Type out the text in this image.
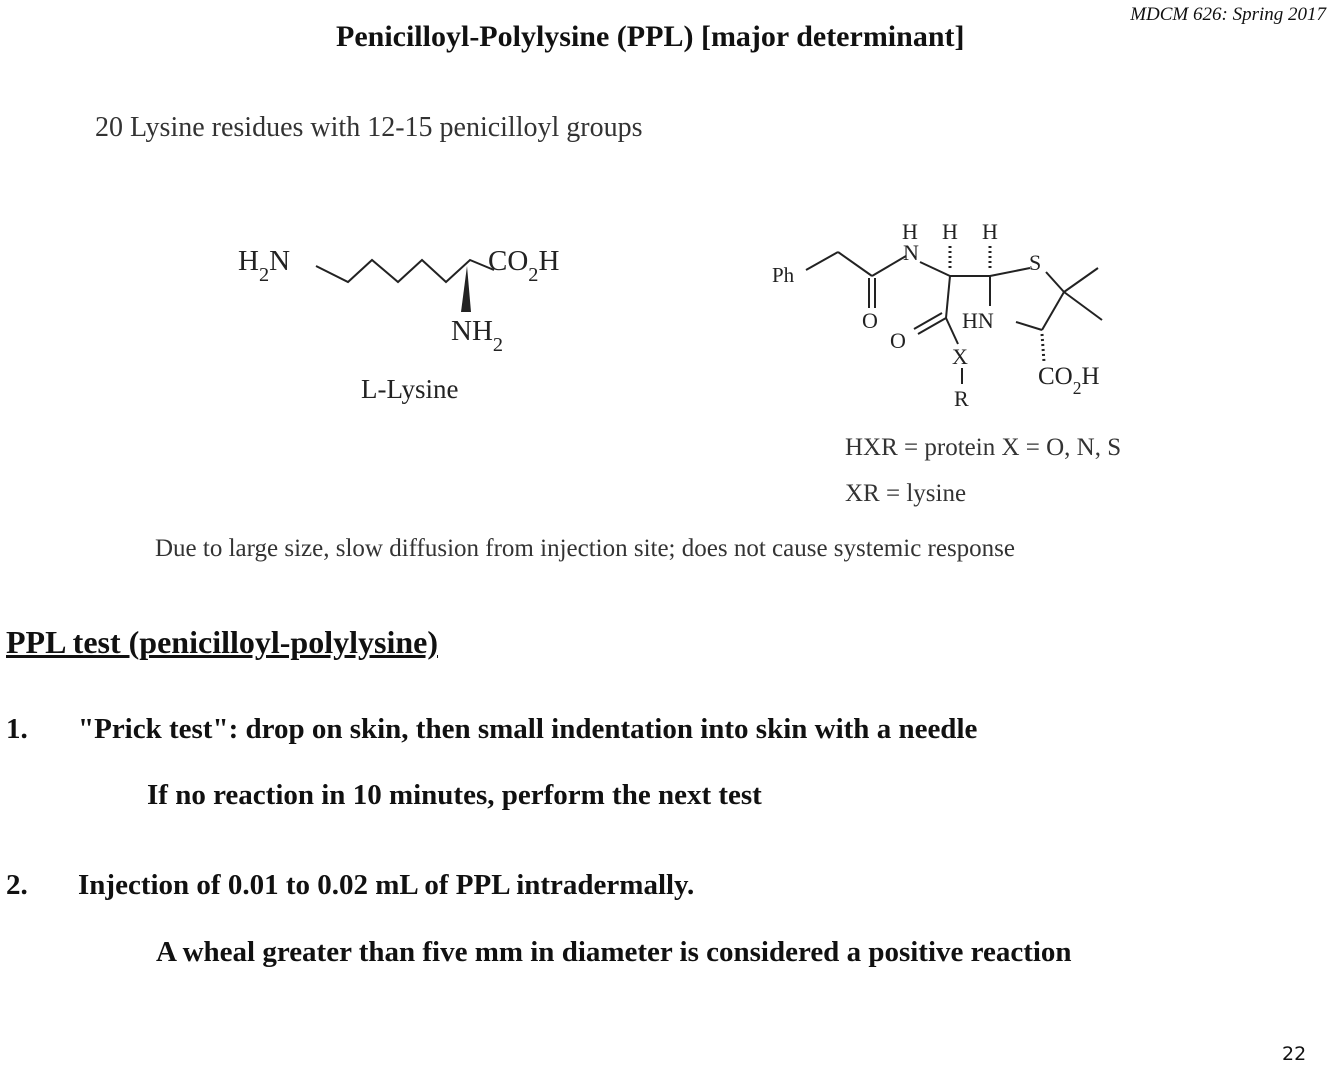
MDCM 626: Spring 2017
Penicilloyl-Polylysine (PPL) [major determinant]
20 Lysine residues with 12-15 penicilloyl groups
$H_2N$	$CO_2H$
$NH_2$
L-Lysine
Ph
N
H H H
S
HN
O
O
X
R
$CO_2H$
HXR = protein X = O, N, S
XR = lysine
Due to large size, slow diffusion from injection site; does not cause systemic response
PPL test (penicilloyl-polylysine)
1. "Prick test": drop on skin, then small indentation into skin with a needle
If no reaction in 10 minutes, perform the next test
2. Injection of 0.01 to 0.02 mL of PPL intradermally.
A wheal greater than five mm in diameter is considered a positive reaction
22
